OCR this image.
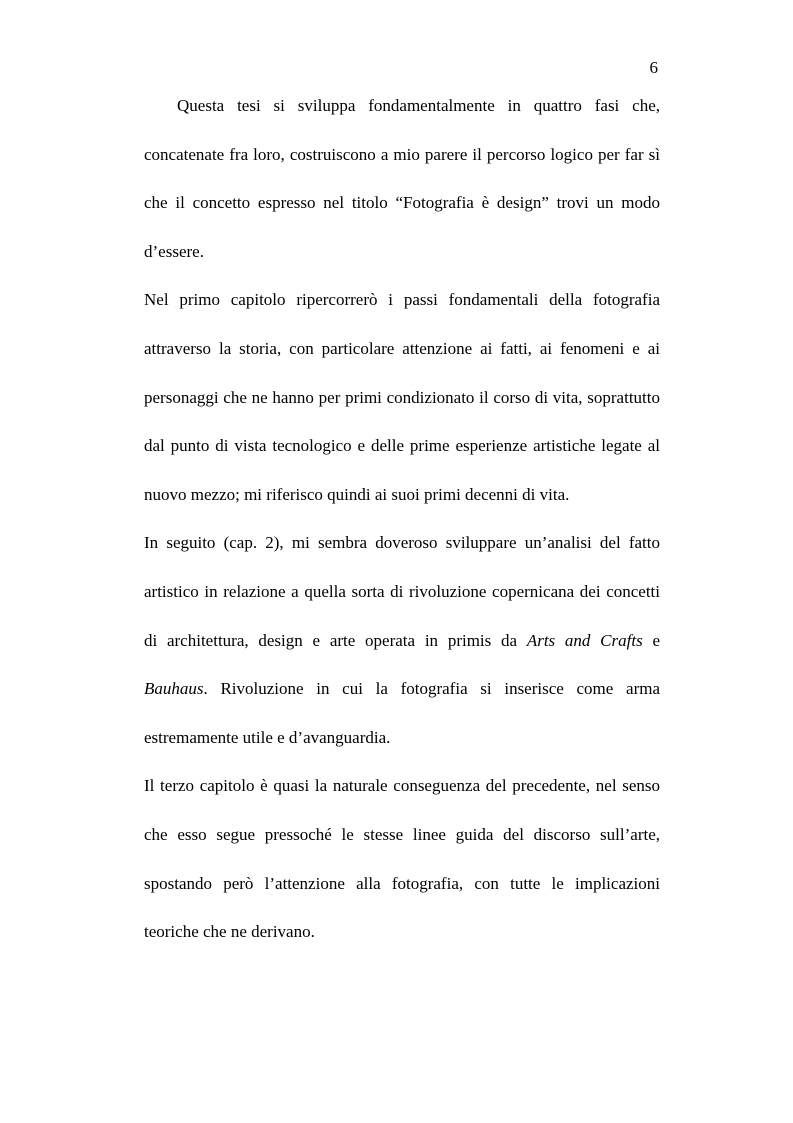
6

Questa tesi si sviluppa fondamentalmente in quattro fasi che, concatenate fra loro, costruiscono a mio parere il percorso logico per far sì che il concetto espresso nel titolo “Fotografia è design” trovi un modo d’essere.

Nel primo capitolo ripercorrerò i passi fondamentali della fotografia attraverso la storia, con particolare attenzione ai fatti, ai fenomeni e ai personaggi che ne hanno per primi condizionato il corso di vita, soprattutto dal punto di vista tecnologico e delle prime esperienze artistiche legate al nuovo mezzo; mi riferisco quindi ai suoi primi decenni di vita.

In seguito (cap. 2), mi sembra doveroso sviluppare un’analisi del fatto artistico in relazione a quella sorta di rivoluzione copernicana dei concetti di architettura, design e arte operata in primis da Arts and Crafts e Bauhaus. Rivoluzione in cui la fotografia si inserisce come arma estremamente utile e d’avanguardia.

Il terzo capitolo è quasi la naturale conseguenza del precedente, nel senso che esso segue pressoché le stesse linee guida del discorso sull’arte, spostando però l’attenzione alla fotografia, con tutte le implicazioni teoriche che ne derivano.
